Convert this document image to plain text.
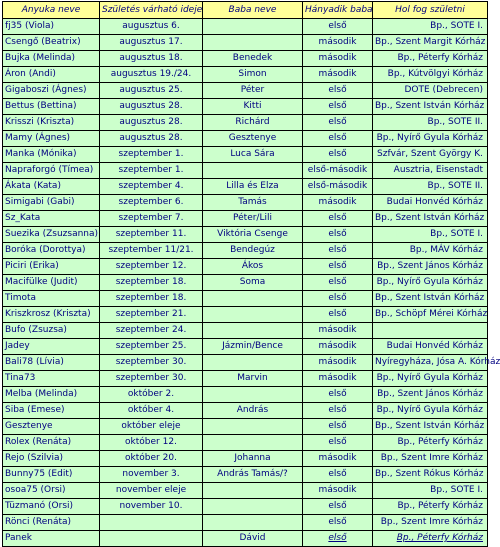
Anyuka neve	Születés várható ideje	Baba neve	Hányadik baba	Hol fog születni
fj35 (Viola)	augusztus 6.		első	Bp., SOTE I.
Csengő (Beatrix)	augusztus 17.		második	Bp., Szent Margit Kórház
Bujka (Melinda)	augusztus 18.	Benedek	második	Bp., Péterfy Kórház
Áron (Andi)	augusztus 19./24.	Simon	második	Bp., Kútvölgyi Kórház
Gigaboszi (Ágnes)	augusztus 25.	Péter	első	DOTE (Debrecen)
Bettus (Bettina)	augusztus 28.	Kitti	első	Bp., Szent István Kórház
Krisszi (Kriszta)	augusztus 28.	Richárd	első	Bp., SOTE II.
Mamy (Ágnes)	augusztus 28.	Gesztenye	első	Bp., Nyírő Gyula Kórház
Manka (Mónika)	szeptember 1.	Luca Sára	első	Szfvár, Szent György K.
Napraforgó (Tímea)	szeptember 1.		első-második	Ausztria, Eisenstadt
Ákata (Kata)	szeptember 4.	Lilla és Elza	első-második	Bp., SOTE II.
Simigabi (Gabi)	szeptember 6.	Tamás	második	Budai Honvéd Kórház
Sz_Kata	szeptember 7.	Péter/Lili	első	Bp., Szent István Kórház
Suezika (Zsuzsanna)	szeptember 11.	Viktória Csenge	első	Bp., SOTE I.
Boróka (Dorottya)	szeptember 11/21.	Bendegúz	első	Bp., MÁV Kórház
Piciri (Erika)	szeptember 12.	Ákos	első	Bp., Szent János Kórház
Macifülke (Judit)	szeptember 18.	Soma	első	Bp., Nyírő Gyula Kórház
Timota	szeptember 18.		első	Bp., Szent István Kórház
Kriszkrosz (Kriszta)	szeptember 21.		első	Bp., Schöpf Mérei Kórház
Bufo (Zsuzsa)	szeptember 24.		második	
Jadey	szeptember 25.	Jázmin/Bence	második	Budai Honvéd Kórház
Bali78 (Lívia)	szeptember 30.		második	Nyíregyháza, Jósa A. Kórház
Tina73	szeptember 30.	Marvin	második	Bp., Nyírő Gyula Kórház
Melba (Melinda)	október 2.		első	Bp., Szent János Kórház
Siba (Emese)	október 4.	András	első	Bp., Nyírő Gyula Kórház
Gesztenye	október eleje		első	Bp., Szent István Kórház
Rolex (Renáta)	október 12.		első	Bp., Péterfy Kórház
Rejo (Szilvia)	október 20.	Johanna	második	Bp., Szent Imre Kórház
Bunny75 (Edit)	november 3.	András Tamás/?	első	Bp., Szent Rókus Kórház
osoa75 (Orsi)	november eleje		második	Bp., SOTE I.
Tüzmanó (Orsi)	november 10.		első	Bp., Péterfy Kórház
Rönci (Renáta)			első	Bp., Szent Imre Kórház
Panek		Dávid	első	Bp., Péterfy Kórház
